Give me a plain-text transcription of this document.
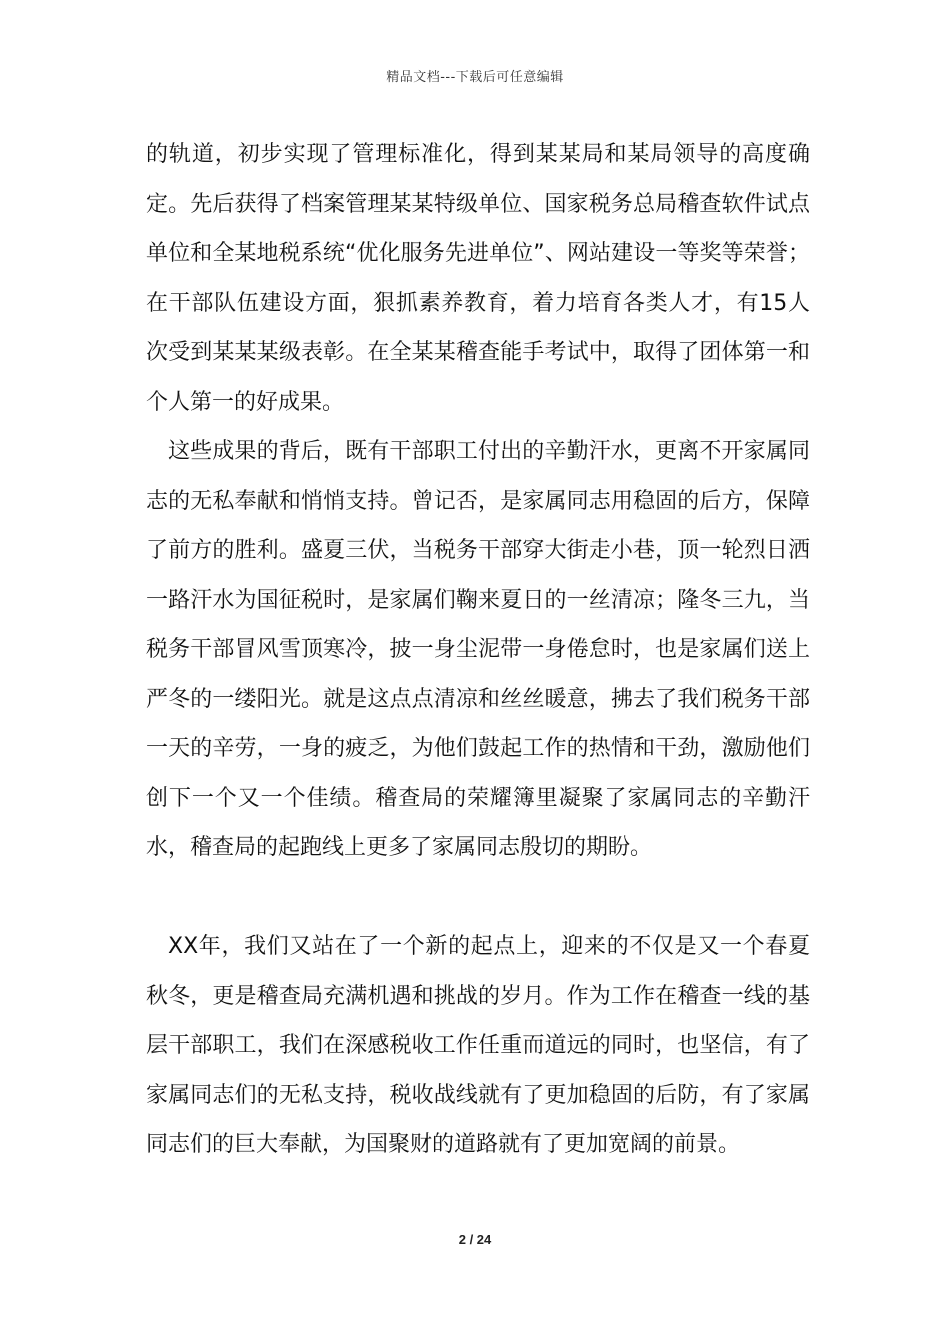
精品文档---下载后可任意编辑

的轨道，初步实现了管理标准化，得到某某局和某局领导的高度确定。先后获得了档案管理某某特级单位、国家税务总局稽查软件试点单位和全某地税系统“优化服务先进单位”、网站建设一等奖等荣誉；在干部队伍建设方面，狠抓素养教育，着力培育各类人才，有15人次受到某某某级表彰。在全某某稽查能手考试中，取得了团体第一和个人第一的好成果。

这些成果的背后，既有干部职工付出的辛勤汗水，更离不开家属同志的无私奉献和悄悄支持。曾记否，是家属同志用稳固的后方，保障了前方的胜利。盛夏三伏，当税务干部穿大街走小巷，顶一轮烈日洒一路汗水为国征税时，是家属们鞠来夏日的一丝清凉；隆冬三九，当税务干部冒风雪顶寒冷，披一身尘泥带一身倦怠时，也是家属们送上严冬的一缕阳光。就是这点点清凉和丝丝暖意，拂去了我们税务干部一天的辛劳，一身的疲乏，为他们鼓起工作的热情和干劲，激励他们创下一个又一个佳绩。稽查局的荣耀簿里凝聚了家属同志的辛勤汗水，稽查局的起跑线上更多了家属同志殷切的期盼。

XX年，我们又站在了一个新的起点上，迎来的不仅是又一个春夏秋冬，更是稽查局充满机遇和挑战的岁月。作为工作在稽查一线的基层干部职工，我们在深感税收工作任重而道远的同时，也坚信，有了家属同志们的无私支持，税收战线就有了更加稳固的后防，有了家属同志们的巨大奉献，为国聚财的道路就有了更加宽阔的前景。

2 / 24
